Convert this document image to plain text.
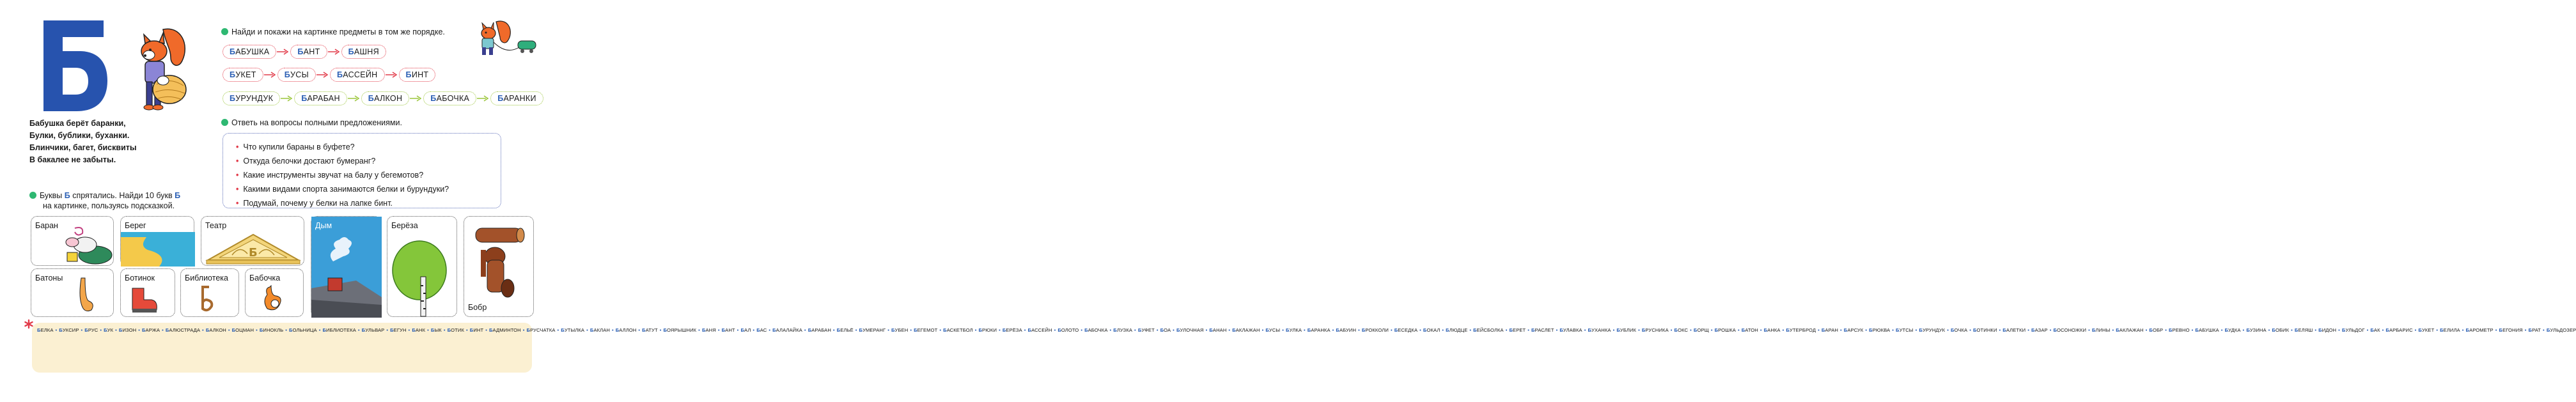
Бабушка берёт баранки,
Булки, бублики, буханки.
Блинчики, багет, бисквиты
В бакалее не забыты.
Найди и покажи на картинке предметы в том же порядке.
БАБУШКА	БАНТ	БАШНЯ
БУКЕТ	БУСЫ	БАССЕЙН	БИНТ
БУРУНДУК	БАРАБАН	БАЛКОН	БАБОЧКА	БАРАНКИ
Ответь на вопросы полными предложениями.
• Что купили бараны в буфете?
• Откуда белочки достают бумеранг?
• Какие инструменты звучат на балу у бегемотов?
• Какими видами спорта занимаются белки и бурундуки?
• Подумай, почему у белки на лапке бинт.
Буквы Б спрятались. Найди 10 букв Б
на картинке, пользуясь подсказкой.
Баран	Берег	Театр
Б
Дым	Берёза
Бобр
Батоны	Ботинок	Библиотека	Бабочка
БЕЛКА • БУКСИР • БРУС • БУК • БИЗОН • БАРЖА • БАЛЮСТРАДА • БАЛКОН • БОЦМАН • БИНОКЛЬ • БОЛЬНИЦА • БИБЛИОТЕКА • БУЛЬВАР • БЕГУН • БАНК • БЫК • БОТИК • БИНТ • БАДМИНТОН • БРУСЧАТКА • БУТЫЛКА • БАКЛАН • БАЛЛОН • БАТУТ • БОЯРЫШНИК • БАНЯ • БАНТ • БАЛ • БАС • БАЛАЛАЙКА • БАРАБАН • БЕЛЬЁ • БУМЕРАНГ • БУБЕН • БЕГЕМОТ • БАСКЕТБОЛ • БРЮКИ • БЕРЁЗА • БАССЕЙН • БОЛОТО • БАБОЧКА • БЛУЗКА • БУФЕТ • БОА • БУЛОЧНАЯ • БАНАН • БАКЛАЖАН • БУСЫ • БУЛКА • БАРАНКА • БАБУИН • БРОККОЛИ • БЕСЕДКА • БОКАЛ • БЛЮДЦЕ • БЕЙСБОЛКА • БЕРЕТ • БРАСЛЕТ • БУЛАВКА • БУХАНКА • БУБЛИК • БРУСНИКА • БОКС • БОРЩ • БРОШКА • БАТОН • БАНКА • БУТЕРБРОД • БАРАН • БАРСУК • БРЮКВА • БУТСЫ • БУРУНДУК • БОЧКА • БОТИНКИ • БАЛЕТКИ • БАЗАР • БОСОНОЖКИ • БЛИНЫ • БАКЛАЖАН • БОБР • БРЕВНО • БАБУШКА • БУДКА • БУЗИНА • БОБИК • БЕЛЯШ • БИДОН • БУЛЬДОГ • БАК • БАРБАРИС • БУКЕТ • БЕЛИЛА • БАРОМЕТР • БЕГОНИЯ • БРАТ • БУЛЬДОЗЕР
